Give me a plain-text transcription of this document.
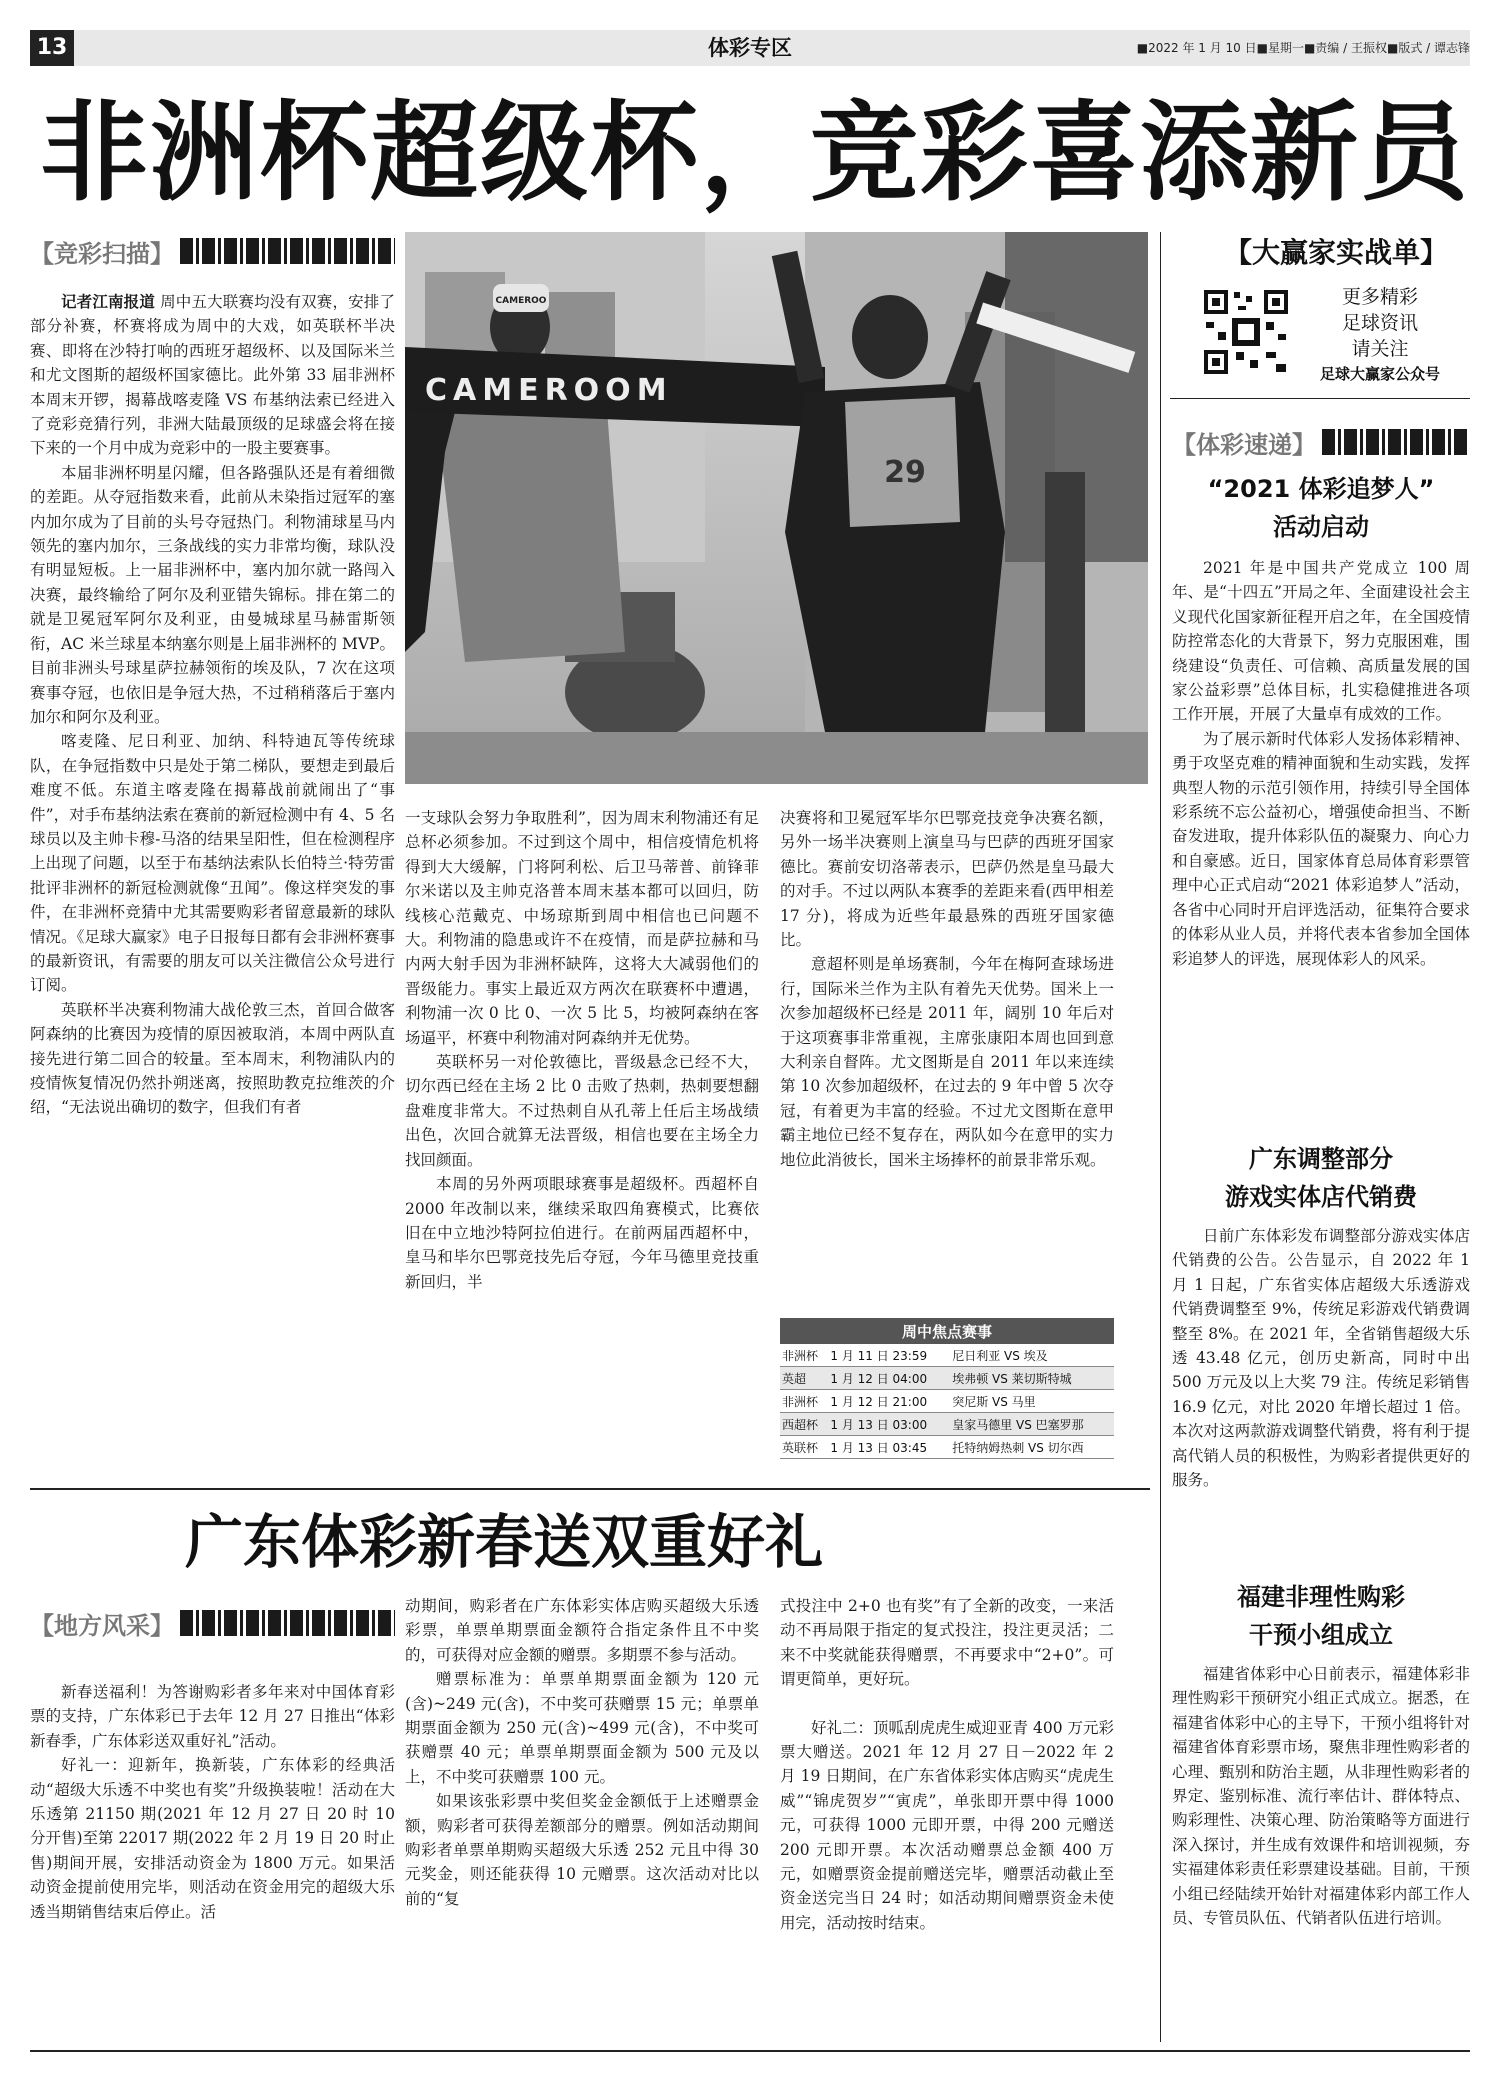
13	体彩专区	■2022 年 1 月 10 日■星期一■责编 / 王振权■版式 / 谭志锋
非洲杯超级杯，竞彩喜添新员
【竞彩扫描】

记者江南报道 周中五大联赛均没有双赛，安排了部分补赛，杯赛将成为周中的大戏，如英联杯半决赛、即将在沙特打响的西班牙超级杯、以及国际米兰和尤文图斯的超级杯国家德比。此外第 33 届非洲杯本周末开锣，揭幕战喀麦隆 VS 布基纳法索已经进入了竞彩竞猜行列，非洲大陆最顶级的足球盛会将在接下来的一个月中成为竞彩中的一股主要赛事。

本届非洲杯明星闪耀，但各路强队还是有着细微的差距。从夺冠指数来看，此前从未染指过冠军的塞内加尔成为了目前的头号夺冠热门。利物浦球星马内领先的塞内加尔，三条战线的实力非常均衡，球队没有明显短板。上一届非洲杯中，塞内加尔就一路闯入决赛，最终输给了阿尔及利亚错失锦标。排在第二的就是卫冕冠军阿尔及利亚，由曼城球星马赫雷斯领衔，AC 米兰球星本纳塞尔则是上届非洲杯的 MVP。目前非洲头号球星萨拉赫领衔的埃及队，7 次在这项赛事夺冠，也依旧是争冠大热，不过稍稍落后于塞内加尔和阿尔及利亚。

喀麦隆、尼日利亚、加纳、科特迪瓦等传统球队，在争冠指数中只是处于第二梯队，要想走到最后难度不低。东道主喀麦隆在揭幕战前就闹出了“事件”，对手布基纳法索在赛前的新冠检测中有 4、5 名球员以及主帅卡穆-马洛的结果呈阳性，但在检测程序上出现了问题，以至于布基纳法索队长伯特兰·特劳雷批评非洲杯的新冠检测就像“丑闻”。像这样突发的事件，在非洲杯竞猜中尤其需要购彩者留意最新的球队情况。《足球大赢家》电子日报每日都有会非洲杯赛事的最新资讯，有需要的朋友可以关注微信公众号进行订阅。

英联杯半决赛利物浦大战伦敦三杰，首回合做客阿森纳的比赛因为疫情的原因被取消，本周中两队直接先进行第二回合的较量。至本周末，利物浦队内的疫情恢复情况仍然扑朔迷离，按照助教克拉维茨的介绍，“无法说出确切的数字，但我们有者

CAMEROO
CAMEROOM
29

一支球队会努力争取胜利”，因为周末利物浦还有足总杯必须参加。不过到这个周中，相信疫情危机将得到大大缓解，门将阿利松、后卫马蒂普、前锋菲尔米诺以及主帅克洛普本周末基本都可以回归，防线核心范戴克、中场琼斯到周中相信也已问题不大。利物浦的隐患或许不在疫情，而是萨拉赫和马内两大射手因为非洲杯缺阵，这将大大减弱他们的晋级能力。事实上最近双方两次在联赛杯中遭遇，利物浦一次 0 比 0、一次 5 比 5，均被阿森纳在客场逼平，杯赛中利物浦对阿森纳并无优势。

英联杯另一对伦敦德比，晋级悬念已经不大，切尔西已经在主场 2 比 0 击败了热刺，热刺要想翻盘难度非常大。不过热刺自从孔蒂上任后主场战绩出色，次回合就算无法晋级，相信也要在主场全力找回颜面。

本周的另外两项眼球赛事是超级杯。西超杯自 2000 年改制以来，继续采取四角赛模式，比赛依旧在中立地沙特阿拉伯进行。在前两届西超杯中，皇马和毕尔巴鄂竞技先后夺冠，今年马德里竞技重新回归，半

决赛将和卫冕冠军毕尔巴鄂竞技竞争决赛名额，另外一场半决赛则上演皇马与巴萨的西班牙国家德比。赛前安切洛蒂表示，巴萨仍然是皇马最大的对手。不过以两队本赛季的差距来看(西甲相差 17 分)，将成为近些年最悬殊的西班牙国家德比。

意超杯则是单场赛制，今年在梅阿查球场进行，国际米兰作为主队有着先天优势。国米上一次参加超级杯已经是 2011 年，阔别 10 年后对于这项赛事非常重视，主席张康阳本周也回到意大利亲自督阵。尤文图斯是自 2011 年以来连续第 10 次参加超级杯，在过去的 9 年中曾 5 次夺冠，有着更为丰富的经验。不过尤文图斯在意甲霸主地位已经不复存在，两队如今在意甲的实力地位此消彼长，国米主场捧杯的前景非常乐观。

周中焦点赛事		
非洲杯	1 月 11 日 23:59	尼日利亚 VS 埃及
英超	1 月 12 日 04:00	埃弗顿 VS 莱切斯特城
非洲杯	1 月 12 日 21:00	突尼斯 VS 马里
西超杯	1 月 13 日 03:00	皇家马德里 VS 巴塞罗那
英联杯	1 月 13 日 03:45	托特纳姆热刺 VS 切尔西
【大赢家实战单】
更多精彩
足球资讯
请关注
足球大赢家公众号
【体彩速递】
“2021 体彩追梦人”
活动启动

2021 年是中国共产党成立 100 周年、是“十四五”开局之年、全面建设社会主义现代化国家新征程开启之年，在全国疫情防控常态化的大背景下，努力克服困难，围绕建设“负责任、可信赖、高质量发展的国家公益彩票”总体目标，扎实稳健推进各项工作开展，开展了大量卓有成效的工作。

为了展示新时代体彩人发扬体彩精神、勇于攻坚克难的精神面貌和生动实践，发挥典型人物的示范引领作用，持续引导全国体彩系统不忘公益初心，增强使命担当、不断奋发进取，提升体彩队伍的凝聚力、向心力和自豪感。近日，国家体育总局体育彩票管理中心正式启动“2021 体彩追梦人”活动，各省中心同时开启评选活动，征集符合要求的体彩从业人员，并将代表本省参加全国体彩追梦人的评选，展现体彩人的风采。

广东调整部分
游戏实体店代销费

日前广东体彩发布调整部分游戏实体店代销费的公告。公告显示，自 2022 年 1 月 1 日起，广东省实体店超级大乐透游戏代销费调整至 9%，传统足彩游戏代销费调整至 8%。在 2021 年，全省销售超级大乐透 43.48 亿元，创历史新高，同时中出 500 万元及以上大奖 79 注。传统足彩销售 16.9 亿元，对比 2020 年增长超过 1 倍。本次对这两款游戏调整代销费，将有利于提高代销人员的积极性，为购彩者提供更好的服务。

福建非理性购彩
干预小组成立

福建省体彩中心日前表示，福建体彩非理性购彩干预研究小组正式成立。据悉，在福建省体彩中心的主导下，干预小组将针对福建省体育彩票市场，聚焦非理性购彩者的心理、甄别和防治主题，从非理性购彩者的界定、鉴别标准、流行率估计、群体特点、购彩理性、决策心理、防治策略等方面进行深入探讨，并生成有效课件和培训视频，夯实福建体彩责任彩票建设基础。目前，干预小组已经陆续开始针对福建体彩内部工作人员、专管员队伍、代销者队伍进行培训。

广东体彩新春送双重好礼
【地方风采】

新春送福利！为答谢购彩者多年来对中国体育彩票的支持，广东体彩已于去年 12 月 27 日推出“体彩新春季，广东体彩送双重好礼”活动。

好礼一：迎新年，换新装，广东体彩的经典活动“超级大乐透不中奖也有奖”升级换装啦！活动在大乐透第 21150 期(2021 年 12 月 27 日 20 时 10 分开售)至第 22017 期(2022 年 2 月 19 日 20 时止售)期间开展，安排活动资金为 1800 万元。如果活动资金提前使用完毕，则活动在资金用完的超级大乐透当期销售结束后停止。活

动期间，购彩者在广东体彩实体店购买超级大乐透彩票，单票单期票面金额符合指定条件且不中奖的，可获得对应金额的赠票。多期票不参与活动。

赠票标准为：单票单期票面金额为 120 元(含)~249 元(含)，不中奖可获赠票 15 元；单票单期票面金额为 250 元(含)~499 元(含)，不中奖可获赠票 40 元；单票单期票面金额为 500 元及以上，不中奖可获赠票 100 元。

如果该张彩票中奖但奖金金额低于上述赠票金额，购彩者可获得差额部分的赠票。例如活动期间购彩者单票单期购买超级大乐透 252 元且中得 30 元奖金，则还能获得 10 元赠票。这次活动对比以前的“复

式投注中 2+0 也有奖”有了全新的改变，一来活动不再局限于指定的复式投注，投注更灵活；二来不中奖就能获得赠票，不再要求中“2+0”。可谓更简单，更好玩。

好礼二：顶呱刮虎虎生威迎亚青 400 万元彩票大赠送。2021 年 12 月 27 日－2022 年 2 月 19 日期间，在广东省体彩实体店购买“虎虎生威”“锦虎贺岁”“寅虎”，单张即开票中得 1000 元，可获得 1000 元即开票，中得 200 元赠送 200 元即开票。本次活动赠票总金额 400 万元，如赠票资金提前赠送完毕，赠票活动截止至资金送完当日 24 时；如活动期间赠票资金未使用完，活动按时结束。
